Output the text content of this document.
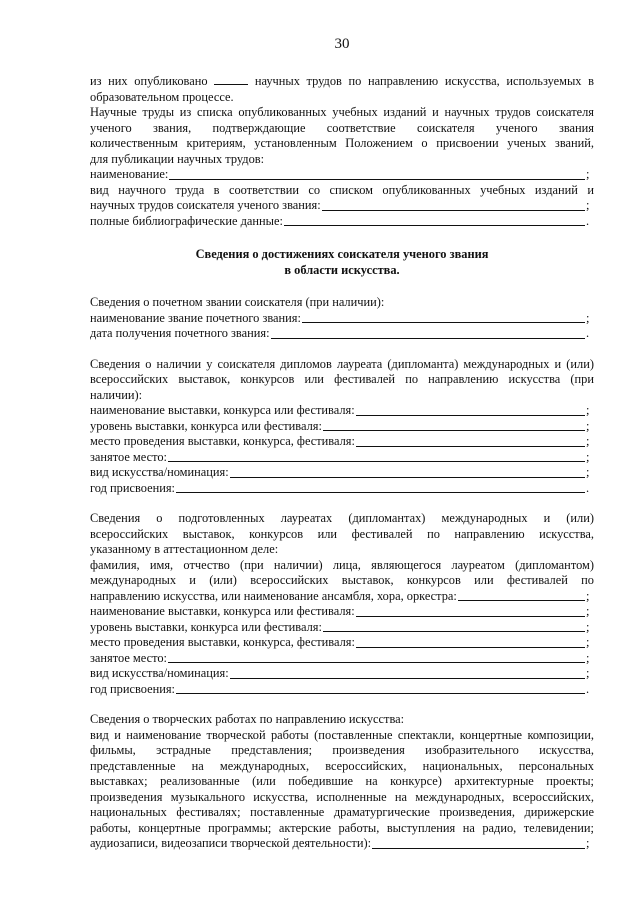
30
из них опубликовано	научных трудов по направлению искусства, используемых в
образовательном процессе.
Научные труды из списка опубликованных учебных изданий и научных трудов соискателя
ученого звания, подтверждающие соответствие соискателя ученого звания
количественным критериям, установленным Положением о присвоении ученых званий,
для публикации научных трудов:
наименование:	;
вид научного труда в соответствии со списком опубликованных учебных изданий и
научных трудов соискателя ученого звания:	;
полные библиографические данные:	.
Сведения о достижениях соискателя ученого звания
в области искусства.
Сведения о почетном звании соискателя (при наличии):
наименование звание почетного звания:	;
дата получения почетного звания:	.
Сведения о наличии у соискателя дипломов лауреата (дипломанта) международных и (или)
всероссийских выставок, конкурсов или фестивалей по направлению искусства (при
наличии):
наименование выставки, конкурса или фестиваля:	;
уровень выставки, конкурса или фестиваля:	;
место проведения выставки, конкурса, фестиваля:	;
занятое место:	;
вид искусства/номинация:	;
год присвоения:	.
Сведения о подготовленных лауреатах (дипломантах) международных и (или)
всероссийских выставок, конкурсов или фестивалей по направлению искусства,
указанному в аттестационном деле:
фамилия, имя, отчество (при наличии) лица, являющегося лауреатом (дипломантом)
международных и (или) всероссийских выставок, конкурсов или фестивалей по
направлению искусства, или наименование ансамбля, хора, оркестра:	;
наименование выставки, конкурса или фестиваля:	;
уровень выставки, конкурса или фестиваля:	;
место проведения выставки, конкурса, фестиваля:	;
занятое место:	;
вид искусства/номинация:	;
год присвоения:	.
Сведения о творческих работах по направлению искусства:
вид и наименование творческой работы (поставленные спектакли, концертные композиции,
фильмы, эстрадные представления; произведения изобразительного искусства,
представленные на международных, всероссийских, национальных, персональных
выставках; реализованные (или победившие на конкурсе) архитектурные проекты;
произведения музыкального искусства, исполненные на международных, всероссийских,
национальных фестивалях; поставленные драматургические произведения, дирижерские
работы, концертные программы; актерские работы, выступления на радио, телевидении;
аудиозаписи, видеозаписи творческой деятельности):	;
